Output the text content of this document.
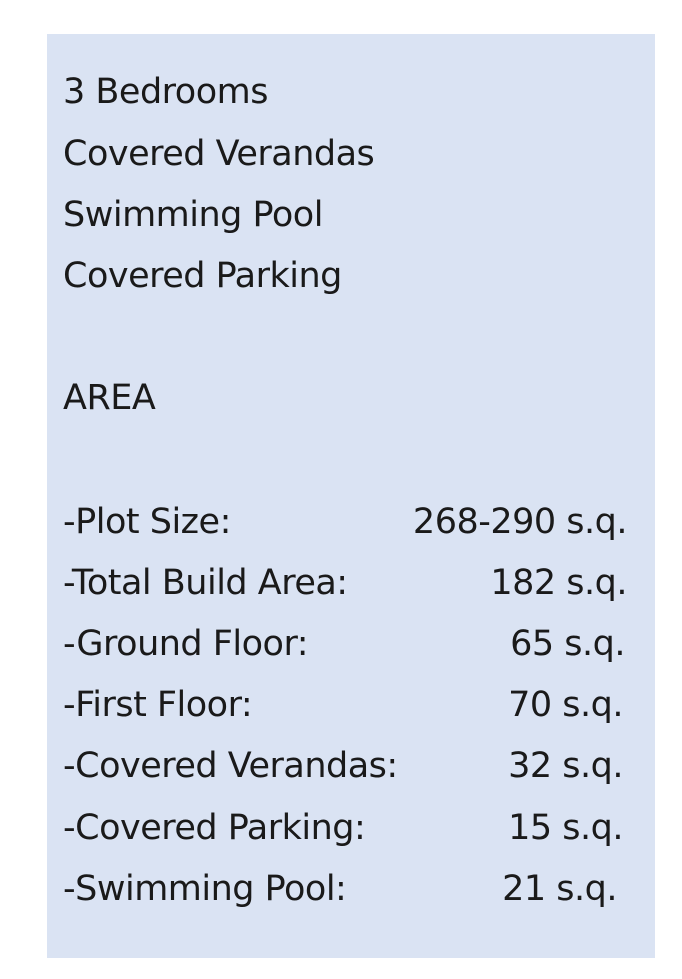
3 Bedrooms
Covered Verandas
Swimming Pool
Covered Parking
AREA
-Plot Size:	268-290 s.q.
-Total Build Area:	182 s.q.
-Ground Floor:	65 s.q.
-First Floor:	70 s.q.
-Covered Verandas:	32 s.q.
-Covered Parking:	15 s.q.
-Swimming Pool:	21 s.q.
